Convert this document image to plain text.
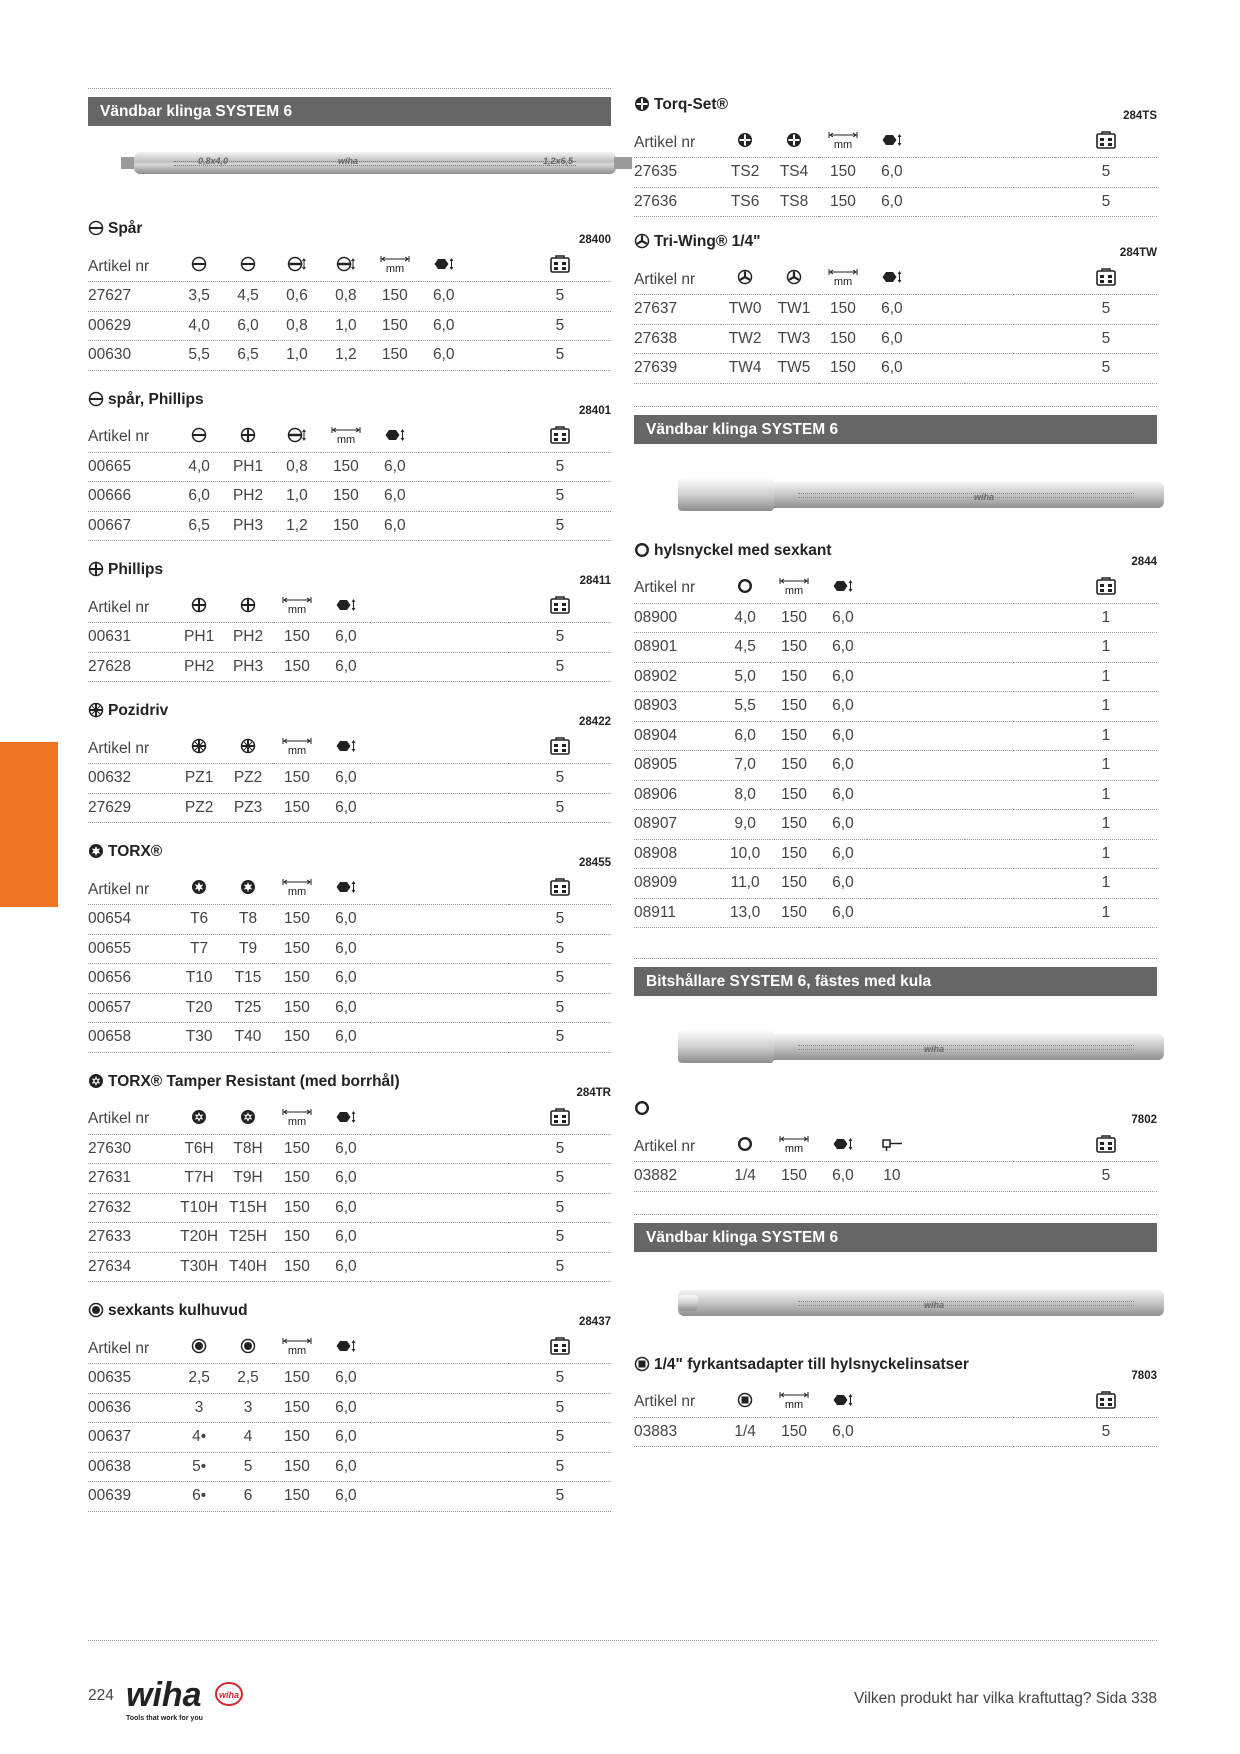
Vändbar klinga SYSTEM 6
0,8x4,0	wiha	1,2x6,5
Spår
28400
Artikel nr					mm

27627	3,5	4,5	0,6	0,8	150	6,0		5
00629	4,0	6,0	0,8	1,0	150	6,0		5
00630	5,5	6,5	1,0	1,2	150	6,0		5
spår, Phillips
28401
Artikel nr				mm

00665	4,0	PH1	0,8	150	6,0			5
00666	6,0	PH2	1,0	150	6,0			5
00667	6,5	PH3	1,2	150	6,0			5
Phillips
28411
Artikel nr			mm

00631	PH1	PH2	150	6,0				5
27628	PH2	PH3	150	6,0				5
Pozidriv
28422
Artikel nr			mm

00632	PZ1	PZ2	150	6,0				5
27629	PZ2	PZ3	150	6,0				5
TORX®
28455
Artikel nr			mm

00654	T6	T8	150	6,0				5
00655	T7	T9	150	6,0				5
00656	T10	T15	150	6,0				5
00657	T20	T25	150	6,0				5
00658	T30	T40	150	6,0				5
TORX® Tamper Resistant (med borrhål)
284TR
Artikel nr			mm

27630	T6H	T8H	150	6,0				5
27631	T7H	T9H	150	6,0				5
27632	T10H	T15H	150	6,0				5
27633	T20H	T25H	150	6,0				5
27634	T30H	T40H	150	6,0				5
sexkants kulhuvud
28437
Artikel nr			mm

00635	2,5	2,5	150	6,0				5
00636	3	3	150	6,0				5
00637	4•	4	150	6,0				5
00638	5•	5	150	6,0				5
00639	6•	6	150	6,0				5
Torq-Set®
284TS
Artikel nr			mm

27635	TS2	TS4	150	6,0				5
27636	TS6	TS8	150	6,0				5
Tri-Wing® 1/4"
284TW
Artikel nr			mm

27637	TW0	TW1	150	6,0				5
27638	TW2	TW3	150	6,0				5
27639	TW4	TW5	150	6,0				5
Vändbar klinga SYSTEM 6
wiha
hylsnyckel med sexkant
2844
Artikel nr		mm

08900	4,0	150	6,0					1
08901	4,5	150	6,0					1
08902	5,0	150	6,0					1
08903	5,5	150	6,0					1
08904	6,0	150	6,0					1
08905	7,0	150	6,0					1
08906	8,0	150	6,0					1
08907	9,0	150	6,0					1
08908	10,0	150	6,0					1
08909	11,0	150	6,0					1
08911	13,0	150	6,0					1
Bitshållare SYSTEM 6, fästes med kula
wiha
7802
Artikel nr		mm

03882	1/4	150	6,0	10				5
Vändbar klinga SYSTEM 6
wiha
1/4" fyrkantsadapter till hylsnyckelinsatser
7803
Artikel nr		mm

03883	1/4	150	6,0					5
224 wiha wiha
Tools that work for you
Vilken produkt har vilka kraftuttag? Sida 338
